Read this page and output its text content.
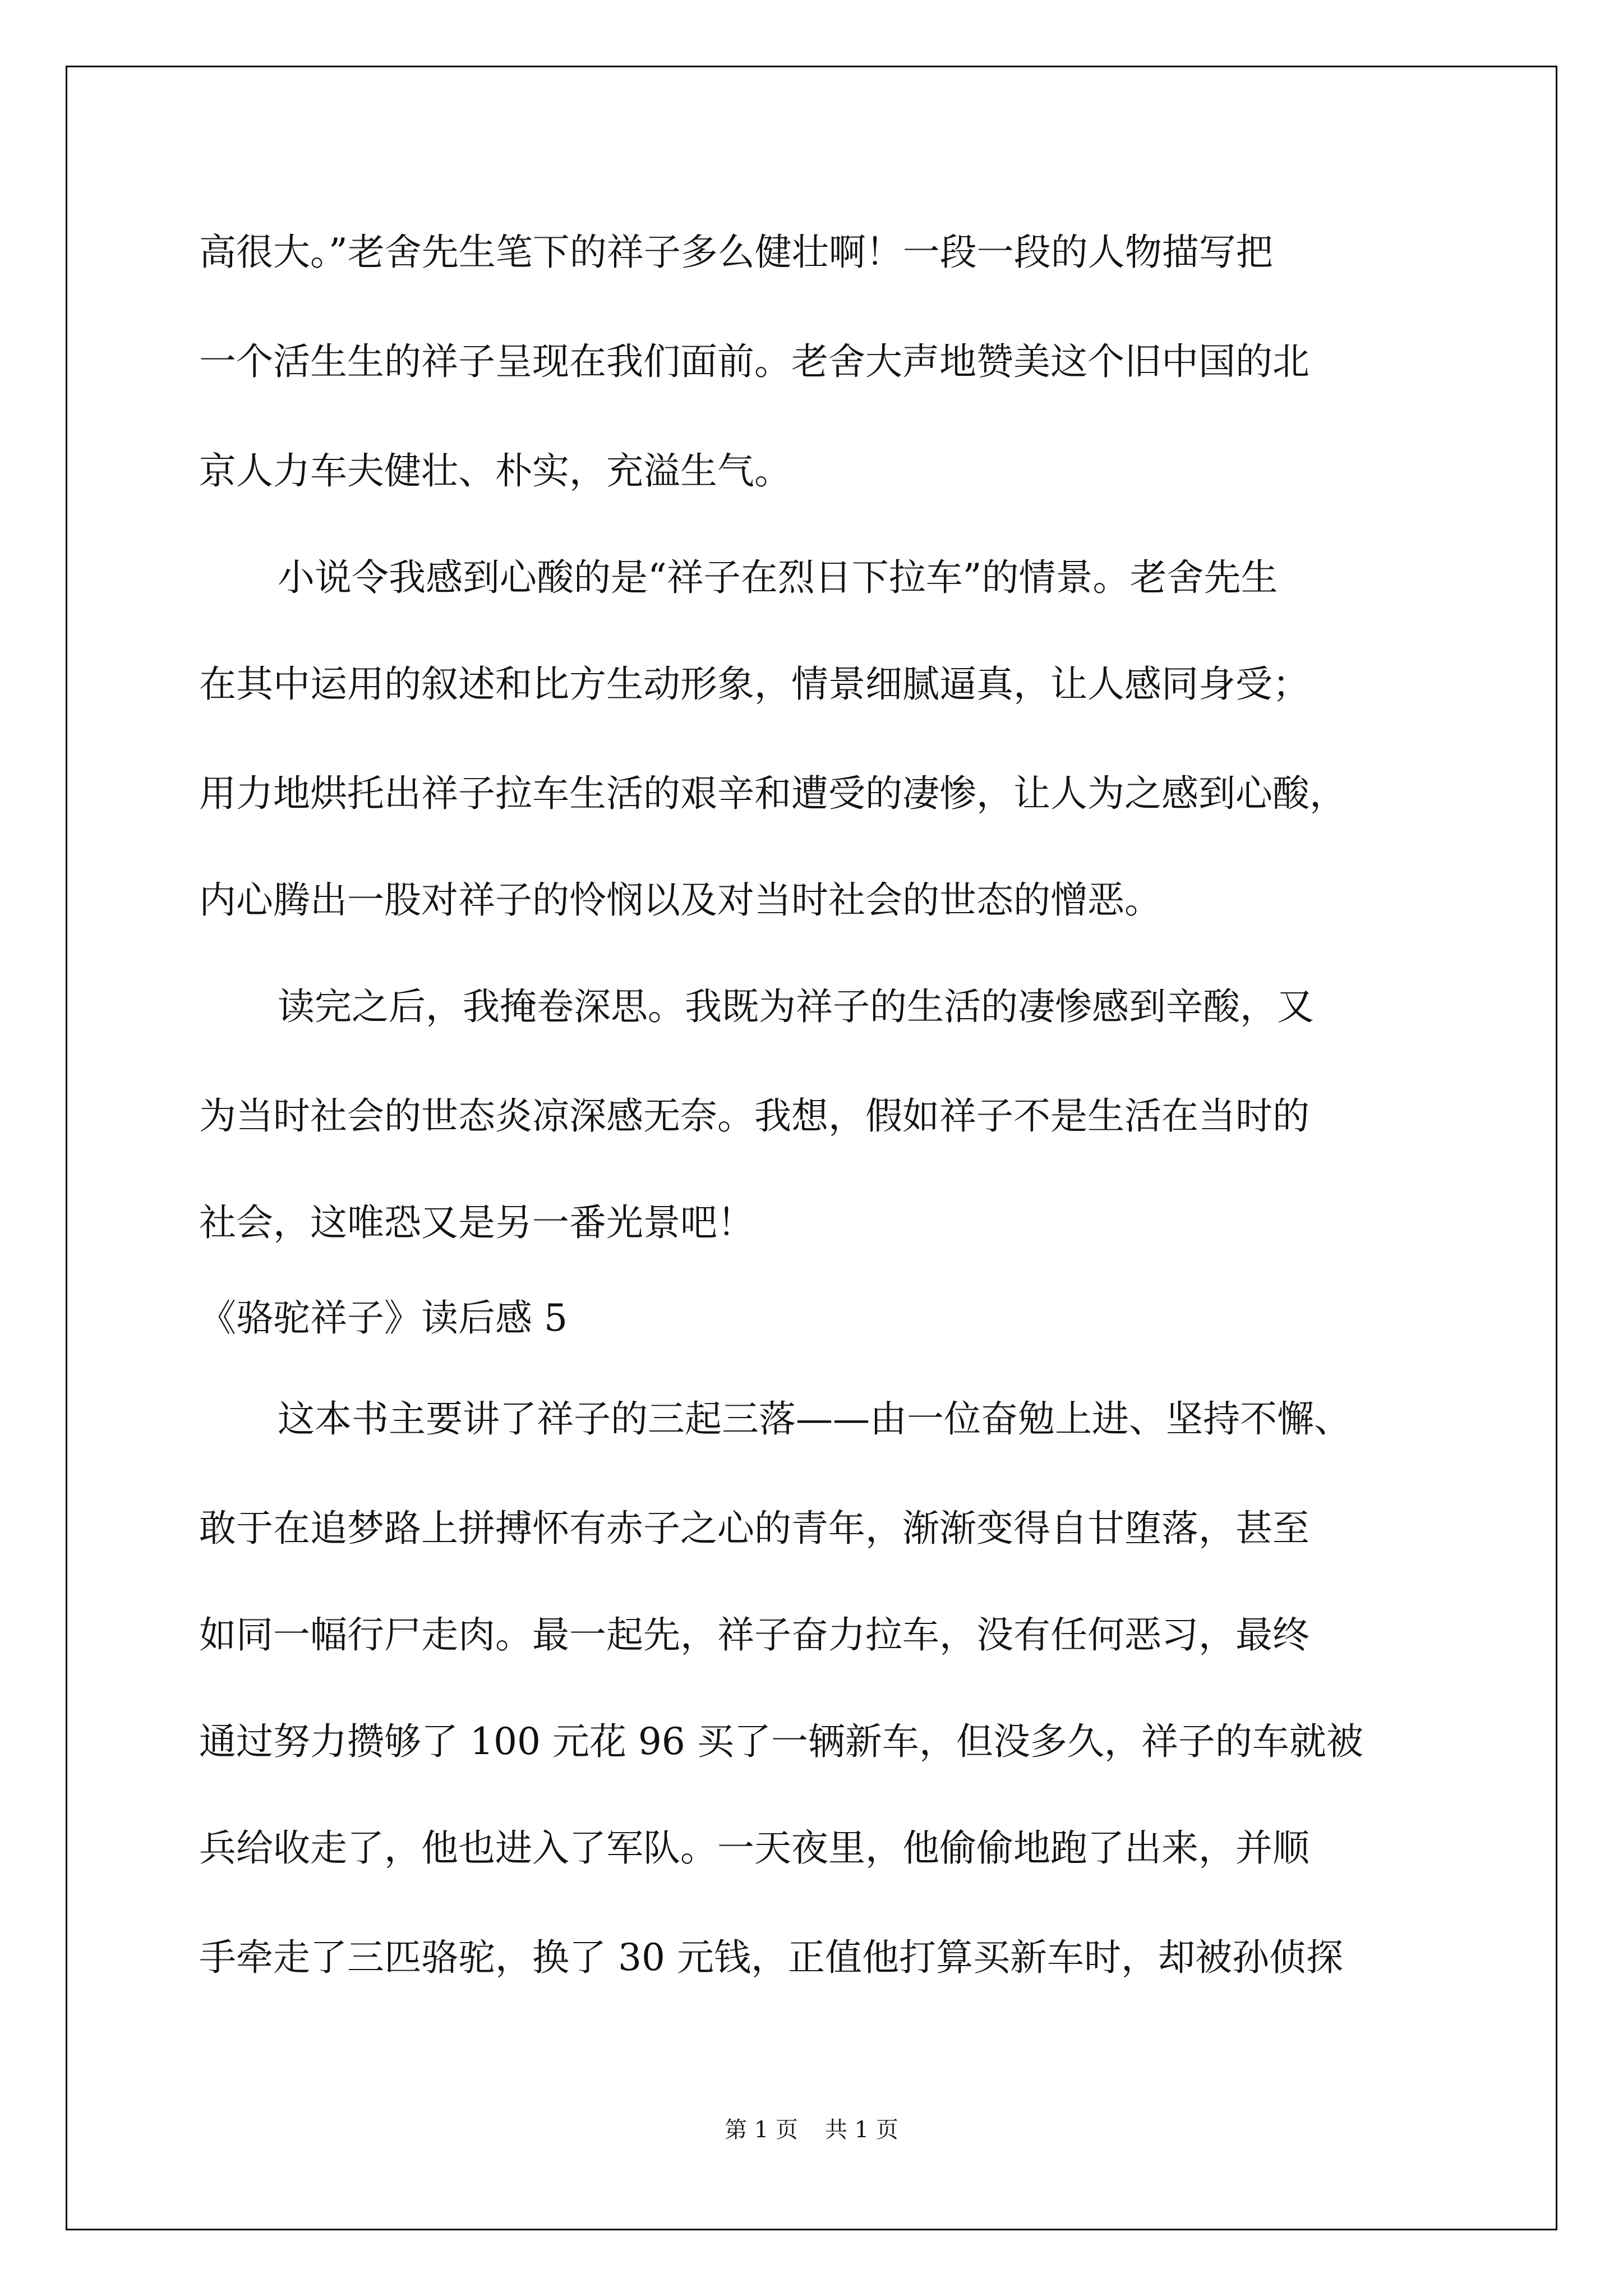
高很大。”老舍先生笔下的祥子多么健壮啊！一段一段的人物描写把
一个活生生的祥子呈现在我们面前。老舍大声地赞美这个旧中国的北
京人力车夫健壮、朴实，充溢生气。
小说令我感到心酸的是“祥子在烈日下拉车”的情景。老舍先生
在其中运用的叙述和比方生动形象，情景细腻逼真，让人感同身受；
用力地烘托出祥子拉车生活的艰辛和遭受的凄惨，让人为之感到心酸，
内心腾出一股对祥子的怜悯以及对当时社会的世态的憎恶。
读完之后，我掩卷深思。我既为祥子的生活的凄惨感到辛酸，又
为当时社会的世态炎凉深感无奈。我想，假如祥子不是生活在当时的
社会，这唯恐又是另一番光景吧！
《骆驼祥子》读后感 5
这本书主要讲了祥子的三起三落——由一位奋勉上进、坚持不懈、
敢于在追梦路上拼搏怀有赤子之心的青年，渐渐变得自甘堕落，甚至
如同一幅行尸走肉。最一起先，祥子奋力拉车，没有任何恶习，最终
通过努力攒够了 100 元花 96 买了一辆新车，但没多久，祥子的车就被
兵给收走了，他也进入了军队。一天夜里，他偷偷地跑了出来，并顺
手牵走了三匹骆驼，换了 30 元钱，正值他打算买新车时，却被孙侦探
第 1 页 共 1 页
